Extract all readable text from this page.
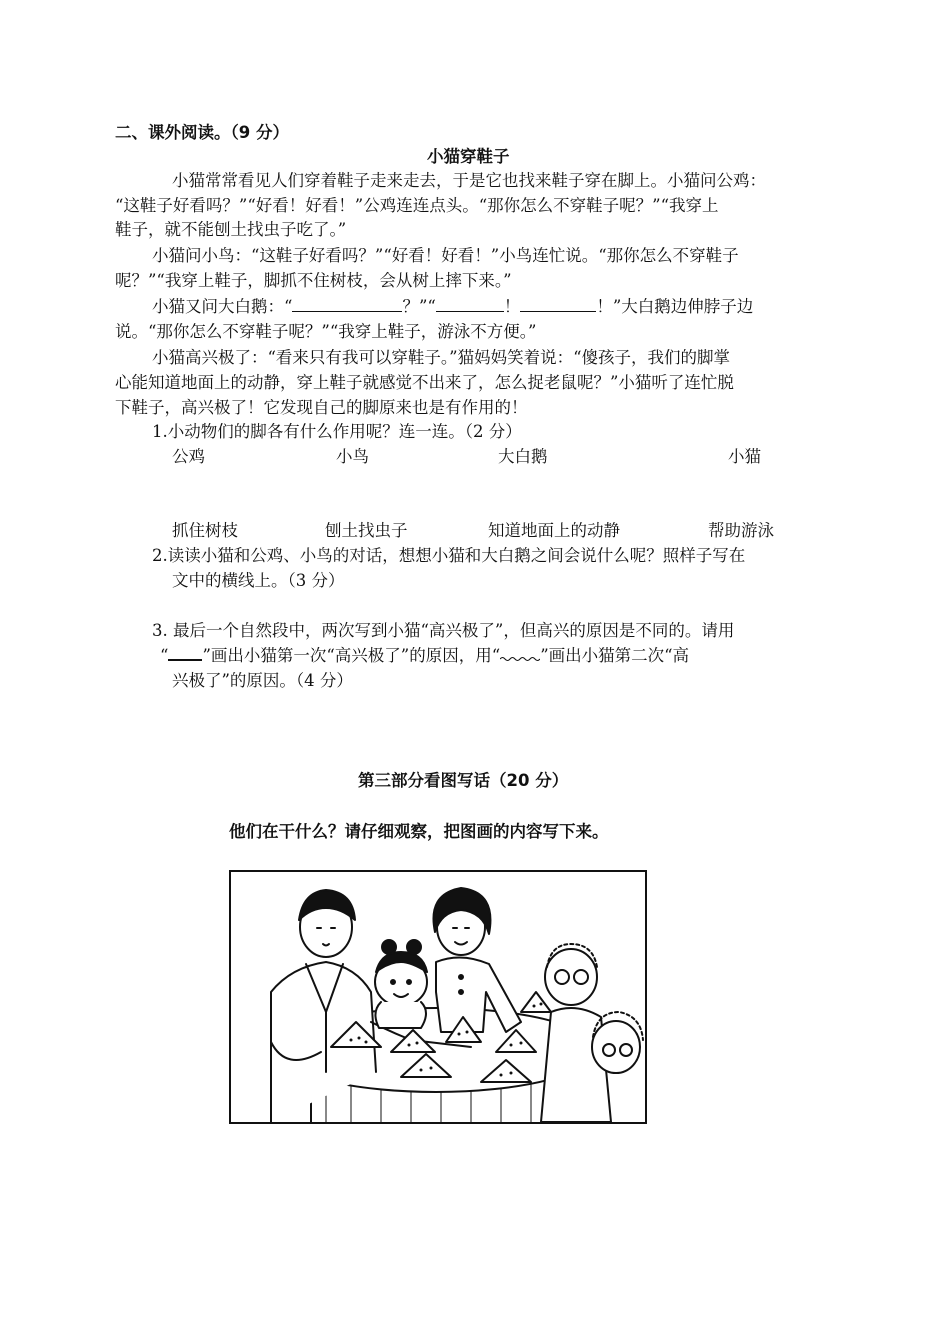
二、课外阅读。（9 分）
小猫穿鞋子
小猫常常看见人们穿着鞋子走来走去，于是它也找来鞋子穿在脚上。小猫问公鸡：
“这鞋子好看吗？”“好看！好看！”公鸡连连点头。“那你怎么不穿鞋子呢？”“我穿上
鞋子，就不能刨土找虫子吃了。”
小猫问小鸟：“这鞋子好看吗？”“好看！好看！”小鸟连忙说。“那你怎么不穿鞋子
呢？”“我穿上鞋子，脚抓不住树枝，会从树上摔下来。”
小猫又问大白鹅：“	？”“	！	！”大白鹅边伸脖子边
说。“那你怎么不穿鞋子呢？”“我穿上鞋子，游泳不方便。”
小猫高兴极了：“看来只有我可以穿鞋子。”猫妈妈笑着说：“傻孩子，我们的脚掌
心能知道地面上的动静，穿上鞋子就感觉不出来了，怎么捉老鼠呢？”小猫听了连忙脱
下鞋子，高兴极了！它发现自己的脚原来也是有作用的！
1.小动物们的脚各有什么作用呢？连一连。（2 分）
公鸡	小鸟	大白鹅	小猫
抓住树枝	刨土找虫子	知道地面上的动静	帮助游泳
2.读读小猫和公鸡、小鸟的对话，想想小猫和大白鹅之间会说什么呢？照样子写在
文中的横线上。（3 分）
3. 最后一个自然段中，两次写到小猫“高兴极了”，但高兴的原因是不同的。请用
“ ”画出小猫第一次“高兴极了”的原因，用“ ”画出小猫第二次“高
兴极了”的原因。（4 分）
第三部分看图写话（20 分）
他们在干什么？请仔细观察，把图画的内容写下来。
